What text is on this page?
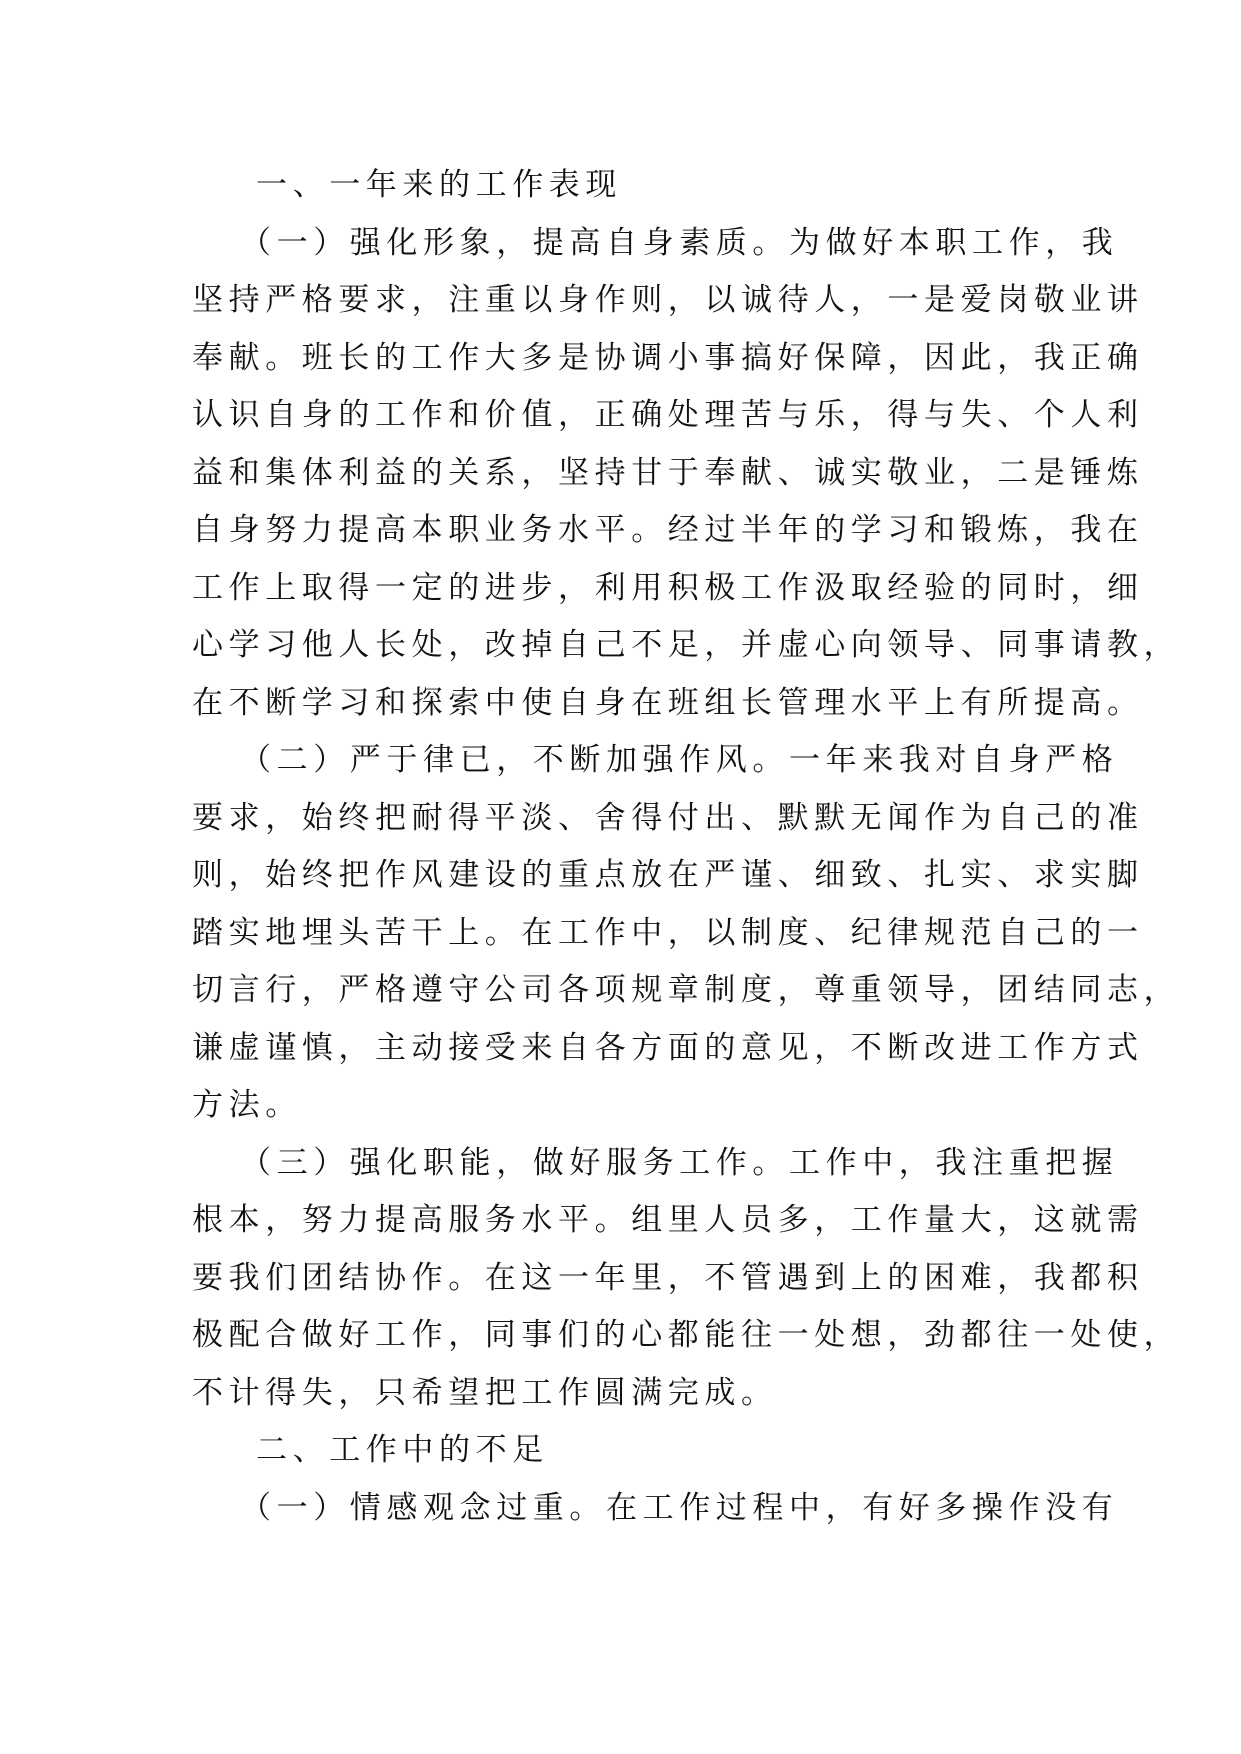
一、一年来的工作表现
（一）强化形象，提高自身素质。为做好本职工作，我
坚持严格要求，注重以身作则，以诚待人，一是爱岗敬业讲
奉献。班长的工作大多是协调小事搞好保障，因此，我正确
认识自身的工作和价值，正确处理苦与乐，得与失、个人利
益和集体利益的关系，坚持甘于奉献、诚实敬业，二是锤炼
自身努力提高本职业务水平。经过半年的学习和锻炼，我在
工作上取得一定的进步，利用积极工作汲取经验的同时，细
心学习他人长处，改掉自己不足，并虚心向领导、同事请教，
在不断学习和探索中使自身在班组长管理水平上有所提高。
（二）严于律已，不断加强作风。一年来我对自身严格
要求，始终把耐得平淡、舍得付出、默默无闻作为自己的准
则，始终把作风建设的重点放在严谨、细致、扎实、求实脚
踏实地埋头苦干上。在工作中，以制度、纪律规范自己的一
切言行，严格遵守公司各项规章制度，尊重领导，团结同志，
谦虚谨慎，主动接受来自各方面的意见，不断改进工作方式
方法。
（三）强化职能，做好服务工作。工作中，我注重把握
根本，努力提高服务水平。组里人员多，工作量大，这就需
要我们团结协作。在这一年里，不管遇到上的困难，我都积
极配合做好工作，同事们的心都能往一处想，劲都往一处使，
不计得失，只希望把工作圆满完成。
二、工作中的不足
（一）情感观念过重。在工作过程中，有好多操作没有
